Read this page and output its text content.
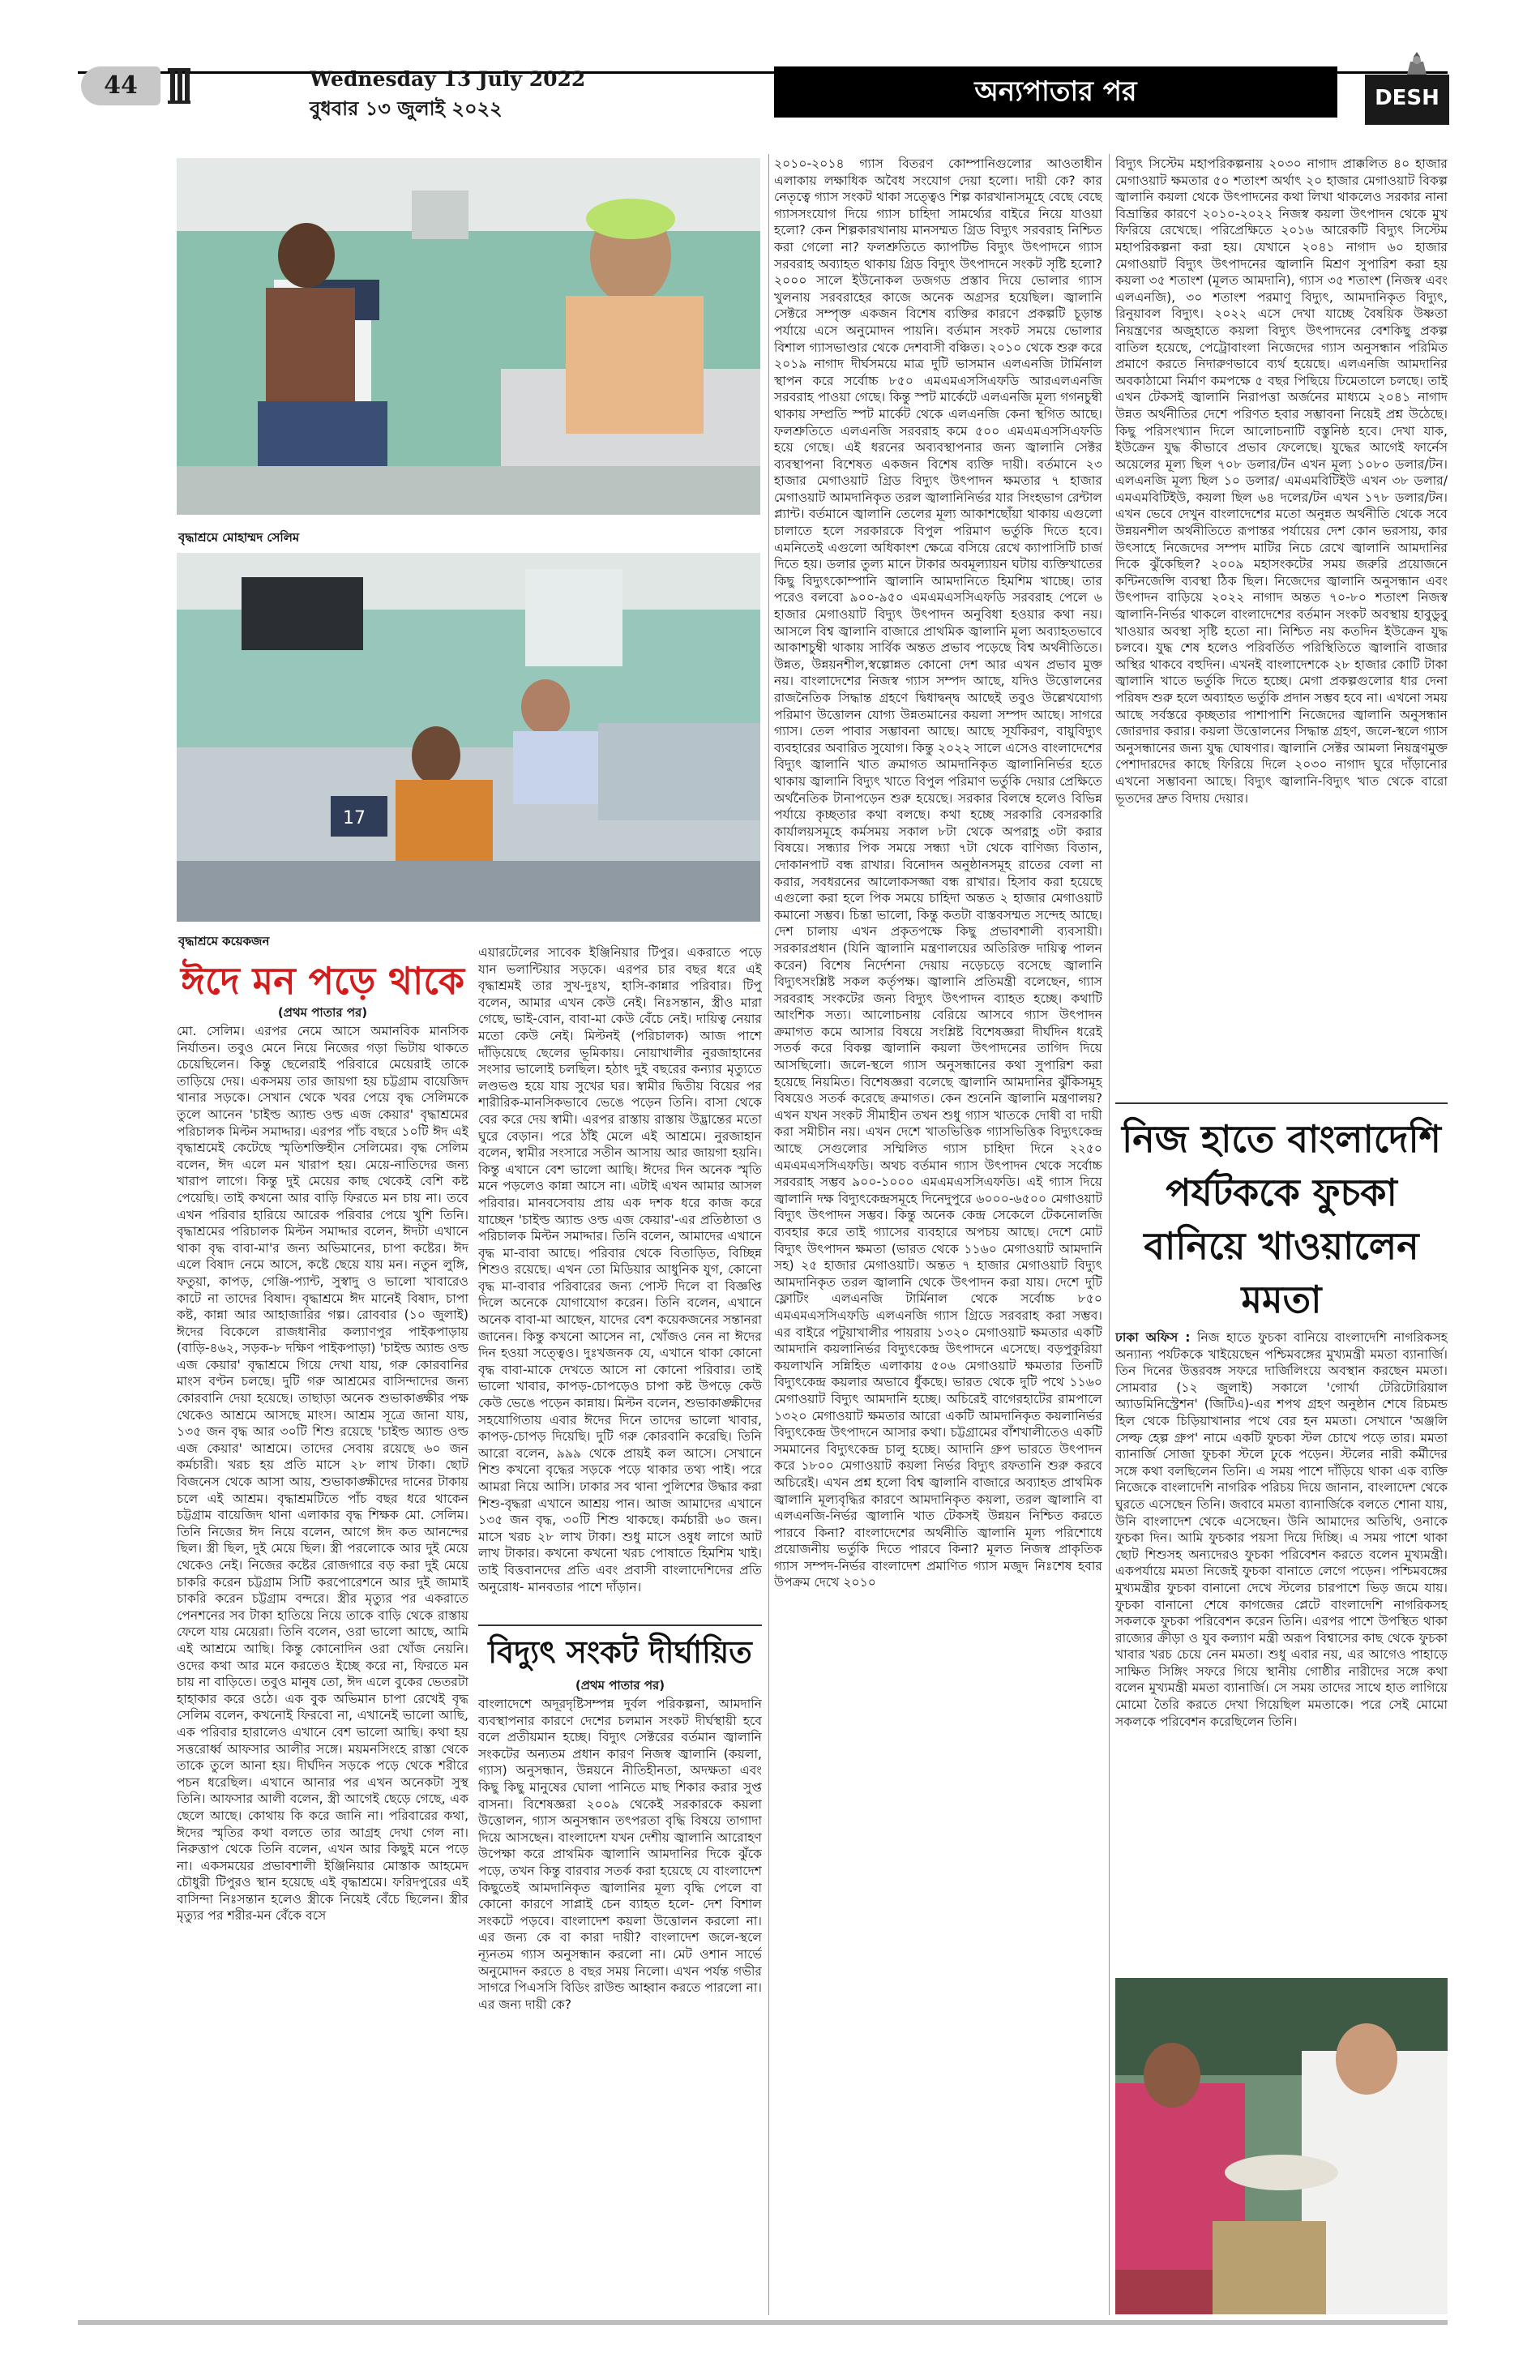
44	Wednesday 13 July 2022
বুধবার ১৩ জুলাই ২০২২
অন্যপাতার পর	DESH
বৃদ্ধাশ্রমে মোহাম্মদ সেলিম
17
বৃদ্ধাশ্রমে কয়েকজন
ঈদে মন পড়ে থাকে
(প্রথম পাতার পর)

মো. সেলিম। এরপর নেমে আসে অমানবিক মানসিক নির্যাতন। তবুও মেনে নিয়ে নিজের গড়া ভিটায় থাকতে চেয়েছিলেন। কিন্তু ছেলেরাই পরিবারে মেয়েরাই তাকে তাড়িয়ে দেয়। একসময় তার জায়গা হয় চট্টগ্রাম বায়েজিদ থানার সড়কে। সেখান থেকে খবর পেয়ে বৃদ্ধ সেলিমকে তুলে আনেন 'চাইল্ড অ্যান্ড ওল্ড এজ কেয়ার' বৃদ্ধাশ্রমের পরিচালক মিল্টন সমাদ্দার। এরপর পাঁচ বছরে ১০টি ঈদ এই বৃদ্ধাশ্রমেই কেটেছে স্মৃতিশক্তিহীন সেলিমের। বৃদ্ধ সেলিম বলেন, ঈদ এলে মন খারাপ হয়। মেয়ে-নাতিদের জন্য খারাপ লাগে। কিন্তু দুই মেয়ের কাছ থেকেই বেশি কষ্ট পেয়েছি। তাই কখনো আর বাড়ি ফিরতে মন চায় না। তবে এখন পরিবার হারিয়ে আরেক পরিবার পেয়ে খুশি তিনি। বৃদ্ধাশ্রমের পরিচালক মিল্টন সমাদ্দার বলেন, ঈদটা এখানে থাকা বৃদ্ধ বাবা-মা'র জন্য অভিমানের, চাপা কষ্টের। ঈদ এলে বিষাদ নেমে আসে, কষ্টে ছেয়ে যায় মন। নতুন লুঙ্গি, ফতুয়া, কাপড়, গেঞ্জি-প্যান্ট, সুস্বাদু ও ভালো খাবারেও কাটে না তাদের বিষাদ। বৃদ্ধাশ্রমে ঈদ মানেই বিষাদ, চাপা কষ্ট, কান্না আর আহাজারির গল্প। রোববার (১০ জুলাই) ঈদের বিকেলে রাজধানীর কল্যাণপুর পাইকপাড়ায় (বাড়ি-৪৬২, সড়ক-৮ দক্ষিণ পাইকপাড়া) 'চাইল্ড অ্যান্ড ওল্ড এজ কেয়ার' বৃদ্ধাশ্রমে গিয়ে দেখা যায়, গরু কোরবানির মাংস বণ্টন চলছে। দুটি গরু আশ্রমের বাসিন্দাদের জন্য কোরবানি দেয়া হয়েছে। তাছাড়া অনেক শুভাকাঙ্ক্ষীর পক্ষ থেকেও আশ্রমে আসছে মাংস। আশ্রম সূত্রে জানা যায়, ১৩৫ জন বৃদ্ধ আর ৩০টি শিশু রয়েছে 'চাইল্ড অ্যান্ড ওল্ড এজ কেয়ার' আশ্রমে। তাদের সেবায় রয়েছে ৬০ জন কর্মচারী। খরচ হয় প্রতি মাসে ২৮ লাখ টাকা। ছোট বিজনেস থেকে আসা আয়, শুভাকাঙ্ক্ষীদের দানের টাকায় চলে এই আশ্রম। বৃদ্ধাশ্রমটিতে পাঁচ বছর ধরে থাকেন চট্টগ্রাম বায়েজিদ থানা এলাকার বৃদ্ধ শিক্ষক মো. সেলিম। তিনি নিজের ঈদ নিয়ে বলেন, আগে ঈদ কত আনন্দের ছিল। স্ত্রী ছিল, দুই মেয়ে ছিল। স্ত্রী পরলোকে আর দুই মেয়ে থেকেও নেই। নিজের কষ্টের রোজগারে বড় করা দুই মেয়ে চাকরি করেন চট্টগ্রাম সিটি করপোরেশনে আর দুই জামাই চাকরি করেন চট্টগ্রাম বন্দরে। স্ত্রীর মৃত্যুর পর একরাতে পেনশনের সব টাকা হাতিয়ে নিয়ে তাকে বাড়ি থেকে রাস্তায় ফেলে যায় মেয়েরা। তিনি বলেন, ওরা ভালো আছে, আমি এই আশ্রমে আছি। কিন্তু কোনোদিন ওরা খোঁজ নেয়নি। ওদের কথা আর মনে করতেও ইচ্ছে করে না, ফিরতে মন চায় না বাড়িতে। তবুও মানুষ তো, ঈদ এলে বুকের ভেতরটা হাহাকার করে ওঠে। এক বুক অভিমান চাপা রেখেই বৃদ্ধ সেলিম বলেন, কখনোই ফিরবো না, এখানেই ভালো আছি, এক পরিবার হারালেও এখানে বেশ ভালো আছি। কথা হয় সত্তরোর্ধ্ব আফসার আলীর সঙ্গে। ময়মনসিংহে রাস্তা থেকে তাকে তুলে আনা হয়। দীর্ঘদিন সড়কে পড়ে থেকে শরীরে পচন ধরেছিল। এখানে আনার পর এখন অনেকটা সুস্থ তিনি। আফসার আলী বলেন, স্ত্রী আগেই ছেড়ে গেছে, এক ছেলে আছে। কোথায় কি করে জানি না। পরিবারের কথা, ঈদের স্মৃতির কথা বলতে তার আগ্রহ দেখা গেল না। নিরুত্তাপ থেকে তিনি বলেন, এখন আর কিছুই মনে পড়ে না। একসময়ের প্রভাবশালী ইঞ্জিনিয়ার মোস্তাক আহমেদ চৌধুরী টিপুরও স্থান হয়েছে এই বৃদ্ধাশ্রমে। ফরিদপুরের এই বাসিন্দা নিঃসন্তান হলেও স্ত্রীকে নিয়েই বেঁচে ছিলেন। স্ত্রীর মৃত্যুর পর শরীর-মন বেঁকে বসে

এয়ারটেলের সাবেক ইঞ্জিনিয়ার টিপুর। একরাতে পড়ে যান ভলান্টিয়ার সড়কে। এরপর চার বছর ধরে এই বৃদ্ধাশ্রমই তার সুখ-দুঃখ, হাসি-কান্নার পরিবার। টিপু বলেন, আমার এখন কেউ নেই। নিঃসন্তান, স্ত্রীও মারা গেছে, ভাই-বোন, বাবা-মা কেউ বেঁচে নেই। দায়িত্ব নেয়ার মতো কেউ নেই। মিল্টনই (পরিচালক) আজ পাশে দাঁড়িয়েছে ছেলের ভূমিকায়। নোয়াখালীর নুরজাহানের সংসার ভালোই চলছিল। হঠাৎ দুই বছরের কন্যার মৃত্যুতে লণ্ডভণ্ড হয়ে যায় সুখের ঘর। স্বামীর দ্বিতীয় বিয়ের পর শারীরিক-মানসিকভাবে ভেঙে পড়েন তিনি। বাসা থেকে বের করে দেয় স্বামী। এরপর রাস্তায় রাস্তায় উদ্ভ্রান্তের মতো ঘুরে বেড়ান। পরে ঠাঁই মেলে এই আশ্রমে। নুরজাহান বলেন, স্বামীর সংসারে সতীন আসায় আর জায়গা হয়নি। কিন্তু এখানে বেশ ভালো আছি। ঈদের দিন অনেক স্মৃতি মনে পড়লেও কান্না আসে না। এটাই এখন আমার আসল পরিবার। মানবসেবায় প্রায় এক দশক ধরে কাজ করে যাচ্ছেন 'চাইল্ড অ্যান্ড ওল্ড এজ কেয়ার'-এর প্রতিষ্ঠাতা ও পরিচালক মিল্টন সমাদ্দার। তিনি বলেন, আমাদের এখানে বৃদ্ধ মা-বাবা আছে। পরিবার থেকে বিতাড়িত, বিচ্ছিন্ন শিশুও রয়েছে। এখন তো মিডিয়ার আধুনিক যুগ, কোনো বৃদ্ধ মা-বাবার পরিবারের জন্য পোস্ট দিলে বা বিজ্ঞপ্তি দিলে অনেকে যোগাযোগ করেন। তিনি বলেন, এখানে অনেক বাবা-মা আছেন, যাদের বেশ কয়েকজনের সন্তানরা জানেন। কিন্তু কখনো আসেন না, খোঁজও নেন না ঈদের দিন হওয়া সত্ত্বেও। দুঃখজনক যে, এখানে থাকা কোনো বৃদ্ধ বাবা-মাকে দেখতে আসে না কোনো পরিবার। তাই ভালো খাবার, কাপড়-চোপড়েও চাপা কষ্ট উপড়ে কেউ কেউ ভেঙে পড়েন কান্নায়। মিল্টন বলেন, শুভাকাঙ্ক্ষীদের সহযোগিতায় এবার ঈদের দিনে তাদের ভালো খাবার, কাপড়-চোপড় দিয়েছি। দুটি গরু কোরবানি করেছি। তিনি আরো বলেন, ৯৯৯ থেকে প্রায়ই কল আসে। সেখানে শিশু কখনো বৃদ্ধের সড়কে পড়ে থাকার তথ্য পাই। পরে আমরা নিয়ে আসি। ঢাকার সব থানা পুলিশের উদ্ধার করা শিশু-বৃদ্ধরা এখানে আশ্রয় পান। আজ আমাদের এখানে ১৩৫ জন বৃদ্ধ, ৩০টি শিশু থাকছে। কর্মচারী ৬০ জন। মাসে খরচ ২৮ লাখ টাকা। শুধু মাসে ওষুধ লাগে আট লাখ টাকার। কখনো কখনো খরচ পোষাতে হিমশিম খাই। তাই বিত্তবানদের প্রতি এবং প্রবাসী বাংলাদেশিদের প্রতি অনুরোধ- মানবতার পাশে দাঁড়ান।

বিদ্যুৎ সংকট দীর্ঘায়িত
(প্রথম পাতার পর)

বাংলাদেশে অদূরদৃষ্টিসম্পন্ন দুর্বল পরিকল্পনা, আমদানি ব্যবস্থাপনার কারণে দেশের চলমান সংকট দীর্ঘস্থায়ী হবে বলে প্রতীয়মান হচ্ছে। বিদ্যুৎ সেক্টরের বর্তমান জ্বালানি সংকটের অন্যতম প্রধান কারণ নিজস্ব জ্বালানি (কয়লা, গ্যাস) অনুসন্ধান, উন্নয়নে নীতিহীনতা, অদক্ষতা এবং কিছু কিছু মানুষের ঘোলা পানিতে মাছ শিকার করার সুপ্ত বাসনা। বিশেষজ্ঞরা ২০০৯ থেকেই সরকারকে কয়লা উত্তোলন, গ্যাস অনুসন্ধান তৎপরতা বৃদ্ধি বিষয়ে তাগাদা দিয়ে আসছেন। বাংলাদেশ যখন দেশীয় জ্বালানি আরোহণ উপেক্ষা করে প্রাথমিক জ্বালানি আমদানির দিকে ঝুঁকে পড়ে, তখন কিন্তু বারবার সতর্ক করা হয়েছে যে বাংলাদেশ কিছুতেই আমদানিকৃত জ্বালানির মূল্য বৃদ্ধি পেলে বা কোনো কারণে সাপ্লাই চেন ব্যাহত হলে- দেশ বিশাল সংকটে পড়বে। বাংলাদেশ কয়লা উত্তোলন করলো না। এর জন্য কে বা কারা দায়ী? বাংলাদেশ জলে-স্থলে ন্যূনতম গ্যাস অনুসন্ধান করলো না। মেট ওশান সার্ভে অনুমোদন করতে ৪ বছর সময় নিলো। এখন পর্যন্ত গভীর সাগরে পিএসসি বিডিং রাউন্ড আহ্বান করতে পারলো না। এর জন্য দায়ী কে?

২০১০-২০১৪ গ্যাস বিতরণ কোম্পানিগুলোর আওতাধীন এলাকায় লক্ষাধিক অবৈধ সংযোগ দেয়া হলো। দায়ী কে? কার নেতৃত্বে গ্যাস সংকট থাকা সত্ত্বেও শিল্প কারখানাসমূহে বেছে বেছে গ্যাসসংযোগ দিয়ে গ্যাস চাহিদা সামর্থ্যের বাইরে নিয়ে যাওয়া হলো? কেন শিল্পকারখানায় মানসম্মত গ্রিড বিদ্যুৎ সরবরাহ নিশ্চিত করা গেলো না? ফলশ্রুতিতে ক্যাপটিভ বিদ্যুৎ উৎপাদনে গ্যাস সরবরাহ অব্যাহত থাকায় গ্রিড বিদ্যুৎ উৎপাদনে সংকট সৃষ্টি হলো? ২০০০ সালে ইউনোকল ডজগড প্রস্তাব দিয়ে ভোলার গ্যাস খুলনায় সরবরাহের কাজে অনেক অগ্রসর হয়েছিল। জ্বালানি সেক্টরে সম্পৃক্ত একজন বিশেষ ব্যক্তির কারণে প্রকল্পটি চূড়ান্ত পর্যায়ে এসে অনুমোদন পায়নি। বর্তমান সংকট সময়ে ভোলার বিশাল গ্যাসভাণ্ডার থেকে দেশবাসী বঞ্চিত। ২০১০ থেকে শুরু করে ২০১৯ নাগাদ দীর্ঘসময়ে মাত্র দুটি ভাসমান এলএনজি টার্মিনাল স্থাপন করে সর্বোচ্চ ৮৫০ এমএমএসসিএফডি আরএলএনজি সরবরাহ পাওয়া গেছে। কিন্তু স্পট মার্কেটে এলএনজি মূল্য গগনচুম্বী থাকায় সম্প্রতি স্পট মার্কেট থেকে এলএনজি কেনা স্থগিত আছে। ফলশ্রুতিতে এলএনজি সরবরাহ কমে ৫০০ এমএমএসসিএফডি হয়ে গেছে। এই ধরনের অব্যবস্থাপনার জন্য জ্বালানি সেক্টর ব্যবস্থাপনা বিশেষত একজন বিশেষ ব্যক্তি দায়ী। বর্তমানে ২৩ হাজার মেগাওয়াট গ্রিড বিদ্যুৎ উৎপাদন ক্ষমতার ৭ হাজার মেগাওয়াট আমদানিকৃত তরল জ্বালানিনির্ভর যার সিংহভাগ রেন্টাল প্ল্যান্ট। বর্তমানে জ্বালানি তেলের মূল্য আকাশছোঁয়া থাকায় এগুলো চালাতে হলে সরকারকে বিপুল পরিমাণ ভর্তুকি দিতে হবে। এমনিতেই এগুলো অধিকাংশ ক্ষেত্রে বসিয়ে রেখে ক্যাপাসিটি চার্জ দিতে হয়। ডলার তুল্য মানে টাকার অবমূল্যায়ন ঘটায় ব্যক্তিখাতের কিছু বিদ্যুৎকোম্পানি জ্বালানি আমদানিতে হিমশিম খাচ্ছে। তার পরেও বলবো ৯০০-৯৫০ এমএমএসসিএফডি সরবরাহ পেলে ৬ হাজার মেগাওয়াট বিদ্যুৎ উৎপাদন অনুবিধা হওয়ার কথা নয়। আসলে বিশ্ব জ্বালানি বাজারে প্রাথমিক জ্বালানি মূল্য অব্যাহতভাবে আকাশচুম্বী থাকায় সার্বিক অন্তত প্রভাব পড়েছে বিশ্ব অর্থনীতিতে। উন্নত, উন্নয়নশীল,স্বল্পোন্নত কোনো দেশ আর এখন প্রভাব মুক্ত নয়। বাংলাদেশের নিজস্ব গ্যাস সম্পদ আছে, যদিও উত্তোলনের রাজনৈতিক সিদ্ধান্ত গ্রহণে দ্বিধাদ্বন্দ্ব আছেই তবুও উল্লেখযোগ্য পরিমাণ উত্তোলন যোগ্য উন্নতমানের কয়লা সম্পদ আছে। সাগরে গ্যাস। তেল পাবার সম্ভাবনা আছে। আছে সূর্যকিরণ, বায়ুবিদ্যুৎ ব্যবহারের অবারিত সুযোগ। কিন্তু ২০২২ সালে এসেও বাংলাদেশের বিদ্যুৎ জ্বালানি খাত ক্রমাগত আমদানিকৃত জ্বালানিনির্ভর হতে থাকায় জ্বালানি বিদ্যুৎ খাতে বিপুল পরিমাণ ভর্তুকি দেয়ার প্রেক্ষিতে অর্থনৈতিক টানাপড়েন শুরু হয়েছে। সরকার বিলম্বে হলেও বিভিন্ন পর্যায়ে কৃচ্ছতার কথা বলছে। কথা হচ্ছে সরকারি বেসরকারি কার্যালয়সমূহে কর্মসময় সকাল ৮টা থেকে অপরাহ্ণ ৩টা করার বিষয়ে। সন্ধ্যার পিক সময়ে সন্ধ্যা ৭টা থেকে বাণিজ্য বিতান, দোকানপাট বন্ধ রাখার। বিনোদন অনুষ্ঠানসমূহ রাতের বেলা না করার, সবধরনের আলোকসজ্জা বন্ধ রাখার। হিসাব করা হয়েছে এগুলো করা হলে পিক সময়ে চাহিদা অন্তত ২ হাজার মেগাওয়াট কমানো সম্ভব। চিন্তা ভালো, কিন্তু কতটা বাস্তবসম্মত সন্দেহ আছে। দেশ চালায় এখন প্রকৃতপক্ষে কিছু প্রভাবশালী ব্যবসায়ী। সরকারপ্রধান (যিনি জ্বালানি মন্ত্রণালয়ের অতিরিক্ত দায়িত্ব পালন করেন) বিশেষ নির্দেশনা দেয়ায় নড়েচড়ে বসেছে জ্বালানি বিদ্যুৎসংশ্লিষ্ট সকল কর্তৃপক্ষ। জ্বালানি প্রতিমন্ত্রী বলেছেন, গ্যাস সরবরাহ সংকটের জন্য বিদ্যুৎ উৎপাদন ব্যাহত হচ্ছে। কথাটি আংশিক সত্য। আলোচনায় বেরিয়ে আসবে গ্যাস উৎপাদন ক্রমাগত কমে আসার বিষয়ে সংশ্লিষ্ট বিশেষজ্ঞরা দীর্ঘদিন ধরেই সতর্ক করে বিকল্প জ্বালানি কয়লা উৎপাদনের তাগিদ দিয়ে আসছিলো। জলে-স্থলে গ্যাস অনুসন্ধানের কথা সুপারিশ করা হয়েছে নিয়মিত। বিশেষজ্ঞরা বলেছে জ্বালানি আমদানির ঝুঁকিসমূহ বিষয়েও সতর্ক করেছে ক্রমাগত। কেন শুনেনি জ্বালানি মন্ত্রণালয়? এখন যখন সংকট সীমাহীন তখন শুধু গ্যাস খাতকে দোষী বা দায়ী করা সমীচীন নয়। এখন দেশে খাতভিত্তিক গ্যাসভিত্তিক বিদ্যুৎকেন্দ্র আছে সেগুলোর সম্মিলিত গ্যাস চাহিদা দিনে ২২৫০ এমএমএসসিএফডি। অথচ বর্তমান গ্যাস উৎপাদন থেকে সর্বোচ্চ সরবরাহ সম্ভব ৯০০-১০০০ এমএমএসসিএফডি। এই গ্যাস দিয়ে জ্বালানি দক্ষ বিদ্যুৎকেন্দ্রসমূহে দিনেদুপুরে ৬০০০-৬৫০০ মেগাওয়াট বিদ্যুৎ উৎপাদন সম্ভব। কিন্তু অনেক কেন্দ্র সেকেলে টেকনোলজি ব্যবহার করে তাই গ্যাসের ব্যবহারে অপচয় আছে। দেশে মোট বিদ্যুৎ উৎপাদন ক্ষমতা (ভারত থেকে ১১৬০ মেগাওয়াট আমদানি সহ) ২৫ হাজার মেগাওয়াট। অন্তত ৭ হাজার মেগাওয়াট বিদ্যুৎ আমদানিকৃত তরল জ্বালানি থেকে উৎপাদন করা যায়। দেশে দুটি ফ্লোটিং এলএনজি টার্মিনাল থেকে সর্বোচ্চ ৮৫০ এমএমএসসিএফডি এলএনজি গ্যাস গ্রিডে সরবরাহ করা সম্ভব। এর বাইরে পটুয়াখালীর পায়রায় ১৩২০ মেগাওয়াট ক্ষমতার একটি আমদানি কয়লানির্ভর বিদ্যুৎকেন্দ্র উৎপাদনে এসেছে। বড়পুকুরিয়া কয়লাখনি সন্নিহিত এলাকায় ৫০৬ মেগাওয়াট ক্ষমতার তিনটি বিদ্যুৎকেন্দ্র কয়লার অভাবে ধুঁকছে। ভারত থেকে দুটি পথে ১১৬০ মেগাওয়াট বিদ্যুৎ আমদানি হচ্ছে। অচিরেই বাগেরহাটের রামপালে ১৩২০ মেগাওয়াট ক্ষমতার আরো একটি আমদানিকৃত কয়লানির্ভর বিদ্যুৎকেন্দ্র উৎপাদনে আসার কথা। চট্টগ্রামের বাঁশখালীতেও একটি সমমানের বিদ্যুৎকেন্দ্র চালু হচ্ছে। আদানি গ্রুপ ভারতে উৎপাদন করে ১৮০০ মেগাওয়াট কয়লা নির্ভর বিদ্যুৎ রফতানি শুরু করবে অচিরেই। এখন প্রশ্ন হলো বিশ্ব জ্বালানি বাজারে অব্যাহত প্রাথমিক জ্বালানি মূল্যবৃদ্ধির কারণে আমদানিকৃত কয়লা, তরল জ্বালানি বা এলএনজি-নির্ভর জ্বালানি খাত টেকসই উন্নয়ন নিশ্চিত করতে পারবে কিনা? বাংলাদেশের অর্থনীতি জ্বালানি মূল্য পরিশোধে প্রয়োজনীয় ভর্তুকি দিতে পারবে কিনা? মূলত নিজস্ব প্রাকৃতিক গ্যাস সম্পদ-নির্ভর বাংলাদেশ প্রমাণিত গ্যাস মজুদ নিঃশেষ হবার উপক্রম দেখে ২০১০

বিদ্যুৎ সিস্টেম মহাপরিকল্পনায় ২০৩০ নাগাদ প্রাক্কলিত ৪০ হাজার মেগাওয়াট ক্ষমতার ৫০ শতাংশ অর্থাৎ ২০ হাজার মেগাওয়াট বিকল্প জ্বালানি কয়লা থেকে উৎপাদনের কথা লিখা থাকলেও সরকার নানা বিভ্রান্তির কারণে ২০১০-২০২২ নিজস্ব কয়লা উৎপাদন থেকে মুখ ফিরিয়ে রেখেছে। পরিপ্রেক্ষিতে ২০১৬ আরেকটি বিদ্যুৎ সিস্টেম মহাপরিকল্পনা করা হয়। যেখানে ২০৪১ নাগাদ ৬০ হাজার মেগাওয়াট বিদ্যুৎ উৎপাদনের জ্বালানি মিশ্রণ সুপারিশ করা হয় কয়লা ৩৫ শতাংশ (মূলত আমদানি), গ্যাস ৩৫ শতাংশ (নিজস্ব এবং এলএনজি), ৩০ শতাংশ পরমাণু বিদ্যুৎ, আমদানিকৃত বিদ্যুৎ, রিনুয়াবল বিদ্যুৎ। ২০২২ এসে দেখা যাচ্ছে বৈষয়িক উষ্ণতা নিয়ন্ত্রণের অজুহাতে কয়লা বিদ্যুৎ উৎপাদনের বেশকিছু প্রকল্প বাতিল হয়েছে, পেট্রোবাংলা নিজেদের গ্যাস অনুসন্ধান পরিমিত প্রমাণে করতে নিদারুণভাবে ব্যর্থ হয়েছে। এলএনজি আমদানির অবকাঠামো নির্মাণ কমপক্ষে ৫ বছর পিছিয়ে ঢিমেতালে চলছে। তাই এখন টেকসই জ্বালানি নিরাপত্তা অর্জনের মাধ্যমে ২০৪১ নাগাদ উন্নত অর্থনীতির দেশে পরিণত হবার সম্ভাবনা নিয়েই প্রশ্ন উঠেছে। কিছু পরিসংখ্যান দিলে আলোচনাটি বস্তুনিষ্ঠ হবে। দেখা যাক, ইউক্রেন যুদ্ধ কীভাবে প্রভাব ফেলেছে। যুদ্ধের আগেই ফার্নেস অয়েলের মূল্য ছিল ৭০৮ ডলার/টন এখন মূল্য ১০৮০ ডলার/টন। এলএনজি মূল্য ছিল ১০ ডলার/ এমএমবিটিইউ এখন ৩৮ ডলার/ এমএমবিটিইউ, কয়লা ছিল ৬৪ দলের/টন এখন ১৭৮ ডলার/টন। এখন ভেবে দেখুন বাংলাদেশের মতো অনুন্নত অর্থনীতি থেকে সবে উন্নয়নশীল অর্থনীতিতে রূপান্তর পর্যায়ের দেশ কোন ভরসায়, কার উৎসাহে নিজেদের সম্পদ মাটির নিচে রেখে জ্বালানি আমদানির দিকে ঝুঁকেছিল? ২০০৯ মহাসংকটের সময় জরুরি প্রয়োজনে কন্টিনজেন্সি ব্যবস্থা ঠিক ছিল। নিজেদের জ্বালানি অনুসন্ধান এবং উৎপাদন বাড়িয়ে ২০২২ নাগাদ অন্তত ৭০-৮০ শতাংশ নিজস্ব জ্বালানি-নির্ভর থাকলে বাংলাদেশের বর্তমান সংকট অবস্থায় হাবুডুবু খাওয়ার অবস্থা সৃষ্টি হতো না। নিশ্চিত নয় কতদিন ইউক্রেন যুদ্ধ চলবে। যুদ্ধ শেষ হলেও পরিবর্তিত পরিস্থিতিতে জ্বালানি বাজার অস্থির থাকবে বহুদিন। এখনই বাংলাদেশকে ২৮ হাজার কোটি টাকা জ্বালানি খাতে ভর্তুকি দিতে হচ্ছে। মেগা প্রকল্পগুলোর ধার দেনা পরিষদ শুরু হলে অব্যাহত ভর্তুকি প্রদান সম্ভব হবে না। এখনো সময় আছে সর্বস্তরে কৃচ্ছতার পাশাপাশি নিজেদের জ্বালানি অনুসন্ধান জোরদার করার। কয়লা উত্তোলনের সিদ্ধান্ত গ্রহণ, জলে-স্থলে গ্যাস অনুসন্ধানের জন্য যুদ্ধ ঘোষণার। জ্বালানি সেক্টর আমলা নিয়ন্ত্রণমুক্ত পেশাদারদের কাছে ফিরিয়ে দিলে ২০৩০ নাগাদ ঘুরে দাঁড়ানোর এখনো সম্ভাবনা আছে। বিদ্যুৎ জ্বালানি-বিদ্যুৎ খাত থেকে বারো ভূতদের দ্রুত বিদায় দেয়ার।

নিজ হাতে বাংলাদেশি পর্যটককে ফুচকা বানিয়ে খাওয়ালেন মমতা

ঢাকা অফিস : নিজ হাতে ফুচকা বানিয়ে বাংলাদেশি নাগরিকসহ অন্যান্য পর্যটককে খাইয়েছেন পশ্চিমবঙ্গের মুখ্যমন্ত্রী মমতা ব্যানার্জি। তিন দিনের উত্তরবঙ্গ সফরে দার্জিলিংয়ে অবস্থান করছেন মমতা। সোমবার (১২ জুলাই) সকালে 'গোর্খা টেরিটোরিয়াল অ্যাডমিনিস্ট্রেশন' (জিটিএ)-এর শপথ গ্রহণ অনুষ্ঠান শেষে রিচমন্ড হিল থেকে চিড়িয়াখানার পথে বের হন মমতা। সেখানে 'অঞ্জলি সেল্ফ হেল্প গ্রুপ' নামে একটি ফুচকা স্টল চোখে পড়ে তার। মমতা ব্যানার্জি সোজা ফুচকা স্টলে ঢুকে পড়েন। স্টলের নারী কর্মীদের সঙ্গে কথা বলছিলেন তিনি। এ সময় পাশে দাঁড়িয়ে থাকা এক ব্যক্তি নিজেকে বাংলাদেশি নাগরিক পরিচয় দিয়ে জানান, বাংলাদেশ থেকে ঘুরতে এসেছেন তিনি। জবাবে মমতা ব্যানার্জিকে বলতে শোনা যায়, উনি বাংলাদেশ থেকে এসেছেন। উনি আমাদের অতিথি, ওনাকে ফুচকা দিন। আমি ফুচকার পয়সা দিয়ে দিচ্ছি। এ সময় পাশে থাকা ছোট শিশুসহ অন্যদেরও ফুচকা পরিবেশন করতে বলেন মুখ্যমন্ত্রী। একপর্যায়ে মমতা নিজেই ফুচকা বানাতে লেগে পড়েন। পশ্চিমবঙ্গের মুখ্যমন্ত্রীর ফুচকা বানানো দেখে স্টলের চারপাশে ভিড় জমে যায়। ফুচকা বানানো শেষে কাগজের প্লেটে বাংলাদেশি নাগরিকসহ সকলকে ফুচকা পরিবেশন করেন তিনি। এরপর পাশে উপস্থিত থাকা রাজ্যের ক্রীড়া ও যুব কল্যাণ মন্ত্রী অরূপ বিশ্বাসের কাছ থেকে ফুচকা খাবার খরচ চেয়ে নেন মমতা। শুধু এবার নয়, এর আগেও পাহাড়ে সাক্ষিত সিঙ্গিং সফরে গিয়ে স্থানীয় গোষ্ঠীর নারীদের সঙ্গে কথা বলেন মুখ্যমন্ত্রী মমতা ব্যানার্জি। সে সময় তাদের সাথে হাত লাগিয়ে মোমো তৈরি করতে দেখা গিয়েছিল মমতাকে। পরে সেই মোমো সকলকে পরিবেশন করেছিলেন তিনি।
